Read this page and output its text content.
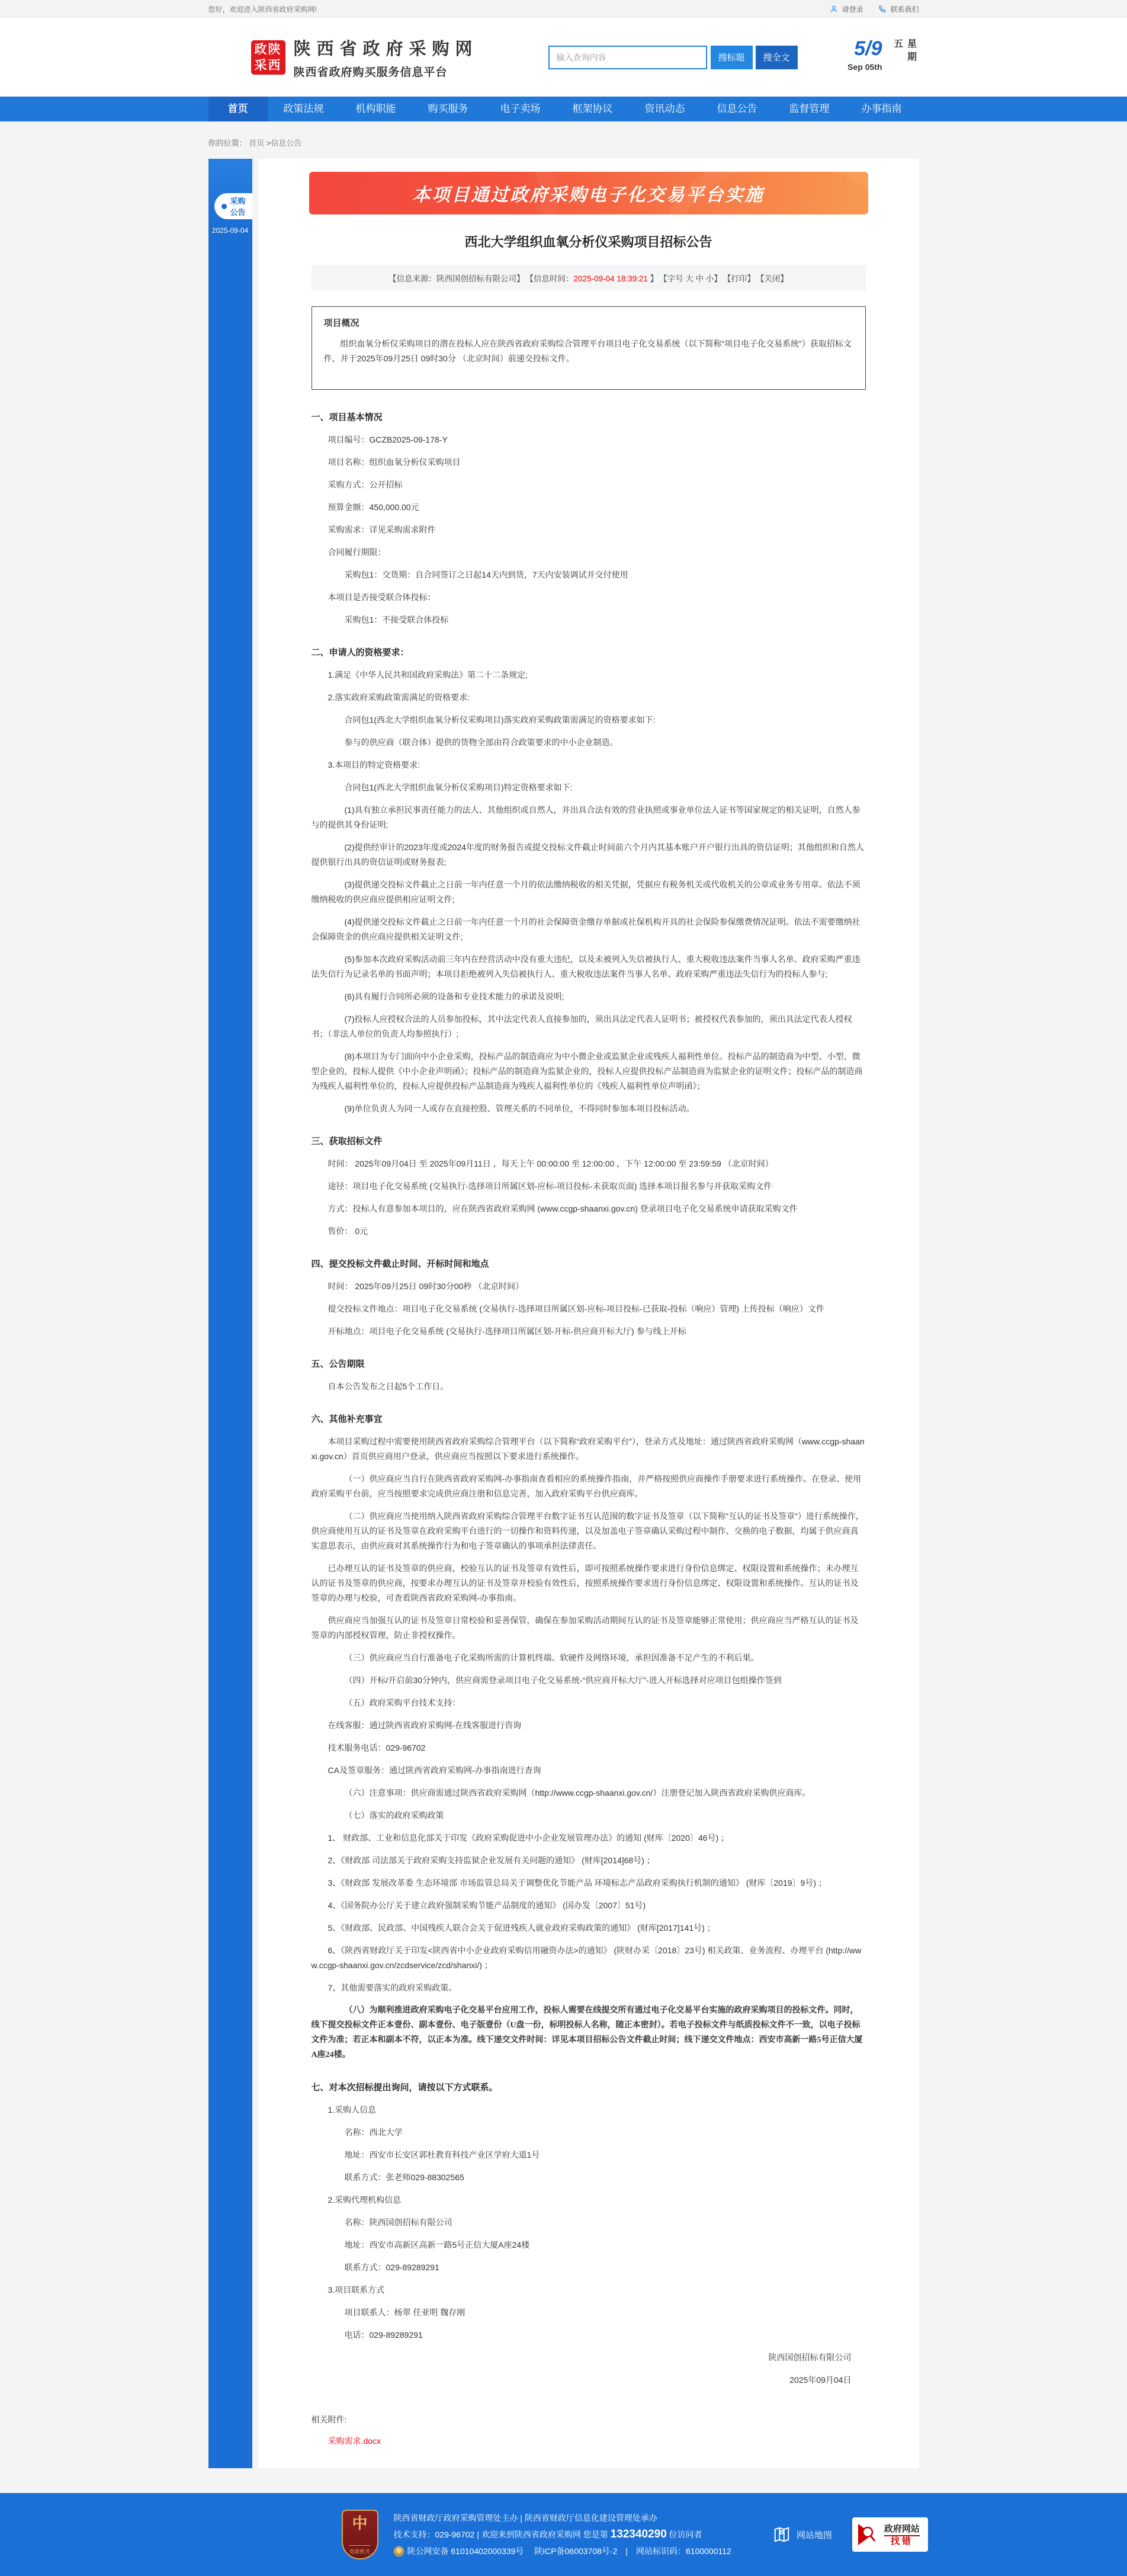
您好，欢迎进入陕西省政府采购网!	请登录	联系我们
政陕
采西
陕西省政府采购网
陕西省政府购买服务信息平台
输入查询内容
搜标题	搜全文	5/9
Sep 05th
星期五
首页	政策法规	机构职能	购买服务	电子卖场	框架协议	资讯动态	信息公告	监督管理	办事指南
你的位置： 首页 >信息公告
采购公告
2025-09-04
本项目通过政府采购电子化交易平台实施
西北大学组织血氧分析仪采购项目招标公告
【信息来源：陕西国创招标有限公司】 【信息时间：2025-09-04 18:39:21 】 【字号 大 中 小】 【打印】 【关闭】
项目概况

组织血氧分析仪采购项目的潜在投标人应在陕西省政府采购综合管理平台项目电子化交易系统（以下简称“项目电子化交易系统”）获取招标文件，并于2025年09月25日 09时30分 （北京时间）前递交投标文件。

一、项目基本情况

项目编号：GCZB2025-09-178-Y

项目名称：组织血氧分析仪采购项目

采购方式：公开招标

预算金额：450,000.00元

采购需求：详见采购需求附件

合同履行期限：

采购包1：交货期：自合同签订之日起14天内到货，7天内安装调试并交付使用

本项目是否接受联合体投标：

采购包1：不接受联合体投标

二、申请人的资格要求：

1.满足《中华人民共和国政府采购法》第二十二条规定;

2.落实政府采购政策需满足的资格要求:

合同包1(西北大学组织血氧分析仪采购项目)落实政府采购政策需满足的资格要求如下:

参与的供应商（联合体）提供的货物全部由符合政策要求的中小企业制造。

3.本项目的特定资格要求:

合同包1(西北大学组织血氧分析仪采购项目)特定资格要求如下:

(1)具有独立承担民事责任能力的法人、其他组织或自然人，并出具合法有效的营业执照或事业单位法人证书等国家规定的相关证明，自然人参与的提供其身份证明;

(2)提供经审计的2023年度或2024年度的财务报告或提交投标文件截止时间前六个月内其基本账户开户银行出具的资信证明；其他组织和自然人提供银行出具的资信证明或财务报表;

(3)提供递交投标文件截止之日前一年内任意一个月的依法缴纳税收的相关凭据，凭据应有税务机关或代收机关的公章或业务专用章。依法不须缴纳税收的供应商应提供相应证明文件;

(4)提供递交投标文件截止之日前一年内任意一个月的社会保障资金缴存单据或社保机构开具的社会保险参保缴费情况证明。依法不需要缴纳社会保障资金的供应商应提供相关证明文件;

(5)参加本次政府采购活动前三年内在经营活动中没有重大违纪，以及未被列入失信被执行人、重大税收违法案件当事人名单、政府采购严重违法失信行为记录名单的书面声明；本项目拒绝被列入失信被执行人、重大税收违法案件当事人名单、政府采购严重违法失信行为的投标人参与;

(6)具有履行合同所必须的设备和专业技术能力的承诺及说明;

(7)投标人应授权合法的人员参加投标，其中法定代表人直接参加的，须出具法定代表人证明书；被授权代表参加的，须出具法定代表人授权书；（非法人单位的负责人均参照执行）;

(8)本项目为专门面向中小企业采购，投标产品的制造商应为中小微企业或监狱企业或残疾人福利性单位。投标产品的制造商为中型、小型、微型企业的，投标人提供《中小企业声明函》；投标产品的制造商为监狱企业的，投标人应提供投标产品制造商为监狱企业的证明文件；投标产品的制造商为残疾人福利性单位的，投标人应提供投标产品制造商为残疾人福利性单位的《残疾人福利性单位声明函》；

(9)单位负责人为同一人或存在直接控股、管理关系的不同单位，不得同时参加本项目投标活动。

三、获取招标文件

时间： 2025年09月04日 至 2025年09月11日 ，每天上午 00:00:00 至 12:00:00 ，下午 12:00:00 至 23:59:59 （北京时间）

途径：项目电子化交易系统 (交易执行-选择项目所属区划-应标-项目投标-未获取页面) 选择本项目报名参与并获取采购文件

方式：投标人有意参加本项目的，应在陕西省政府采购网 (www.ccgp-shaanxi.gov.cn) 登录项目电子化交易系统申请获取采购文件

售价： 0元

四、提交投标文件截止时间、开标时间和地点

时间： 2025年09月25日 09时30分00秒 （北京时间）

提交投标文件地点：项目电子化交易系统 (交易执行-选择项目所属区划-应标-项目投标-已获取-投标（响应）管理) 上传投标（响应）文件

开标地点：项目电子化交易系统 (交易执行-选择项目所属区划-开标-供应商开标大厅) 参与线上开标

五、公告期限

自本公告发布之日起5个工作日。

六、其他补充事宜

本项目采购过程中需要使用陕西省政府采购综合管理平台（以下简称“政府采购平台”），登录方式及地址：通过陕西省政府采购网（www.ccgp-shaanxi.gov.cn）首页供应商用户登录，供应商应当按照以下要求进行系统操作。

（一）供应商应当自行在陕西省政府采购网-办事指南查看相应的系统操作指南，并严格按照供应商操作手册要求进行系统操作。在登录、使用政府采购平台前，应当按照要求完成供应商注册和信息完善，加入政府采购平台供应商库。

（二）供应商应当使用纳入陕西省政府采购综合管理平台数字证书互认范围的数字证书及签章（以下简称“互认的证书及签章”）进行系统操作，供应商使用互认的证书及签章在政府采购平台进行的一切操作和资料传递，以及加盖电子签章确认采购过程中制作、交换的电子数据，均属于供应商真实意思表示，由供应商对其系统操作行为和电子签章确认的事项承担法律责任。

已办理互认的证书及签章的供应商，校验互认的证书及签章有效性后，即可按照系统操作要求进行身份信息绑定、权限设置和系统操作；未办理互认的证书及签章的供应商，按要求办理互认的证书及签章并校验有效性后，按照系统操作要求进行身份信息绑定、权限设置和系统操作。互认的证书及签章的办理与校验，可查看陕西省政府采购网-办事指南。

供应商应当加强互认的证书及签章日常校验和妥善保管，确保在参加采购活动期间互认的证书及签章能够正常使用；供应商应当严格互认的证书及签章的内部授权管理，防止非授权操作。

（三）供应商应当自行准备电子化采购所需的计算机终端、软硬件及网络环境，承担因准备不足产生的不利后果。

（四）开标/开启前30分钟内，供应商需登录项目电子化交易系统-“供应商开标大厅”-进入开标选择对应项目包组操作签到

（五）政府采购平台技术支持：

在线客服：通过陕西省政府采购网-在线客服进行咨询

技术服务电话：029-96702

CA及签章服务：通过陕西省政府采购网-办事指南进行查询

（六）注意事项：供应商需通过陕西省政府采购网（http://www.ccgp-shaanxi.gov.cn/）注册登记加入陕西省政府采购供应商库。

（七）落实的政府采购政策

1、 财政部、工业和信息化部关于印发《政府采购促进中小企业发展管理办法》的通知 (财库〔2020〕46号) ；

2、《财政部 司法部关于政府采购支持监狱企业发展有关问题的通知》 (财库[2014]68号) ；

3、《财政部 发展改革委 生态环境部 市场监管总局关于调整优化节能产品 环境标志产品政府采购执行机制的通知》 (财库〔2019〕9号) ；

4、《国务院办公厅关于建立政府强制采购节能产品制度的通知》 (国办发〔2007〕51号)

5、《财政部、民政部、中国残疾人联合会关于促进残疾人就业政府采购政策的通知》 (财库[2017]141号) ；

6、《陕西省财政厅关于印发<陕西省中小企业政府采购信用融资办法>的通知》 (陕财办采〔2018〕23号) 相关政策、业务流程、办理平台 (http://www.ccgp-shaanxi.gov.cn/zcdservice/zcd/shanxi/) ；

7、其他需要落实的政府采购政策。

（八）为顺利推进政府采购电子化交易平台应用工作，投标人需要在线提交所有通过电子化交易平台实施的政府采购项目的投标文件。同时，线下提交投标文件正本壹份、副本壹份、电子版壹份（U盘一份，标明投标人名称，随正本密封）。若电子投标文件与纸质投标文件不一致，以电子投标文件为准；若正本和副本不符，以正本为准。线下递交文件时间：详见本项目招标公告文件截止时间；线下递交文件地点：西安市高新一路5号正信大厦A座24楼。

七、对本次招标提出询问，请按以下方式联系。

1.采购人信息

名称：西北大学

地址：西安市长安区郭杜教育科技产业区学府大道1号

联系方式：张老师029-88302565

2.采购代理机构信息

名称：陕西国创招标有限公司

地址：西安市高新区高新一路5号正信大厦A座24楼

联系方式：029-89289291

3.项目联系方式

项目联系人：杨翠 任亚明 魏存刚

电话：029-89289291

陕西国创招标有限公司

2025年09月04日

相关附件:
采购需求.docx
中
党政机关
陕西省财政厅政府采购管理处主办 | 陕西省财政厅信息化建设管理处承办
技术支持：029-96702 | 欢迎来到陕西省政府采购网 您是第 132340290 位访问者
陕公网安备 61010402000339号　 陕ICP备06003708号-2　|　网站标识码：6100000112
网站地图
政府网站 找错
